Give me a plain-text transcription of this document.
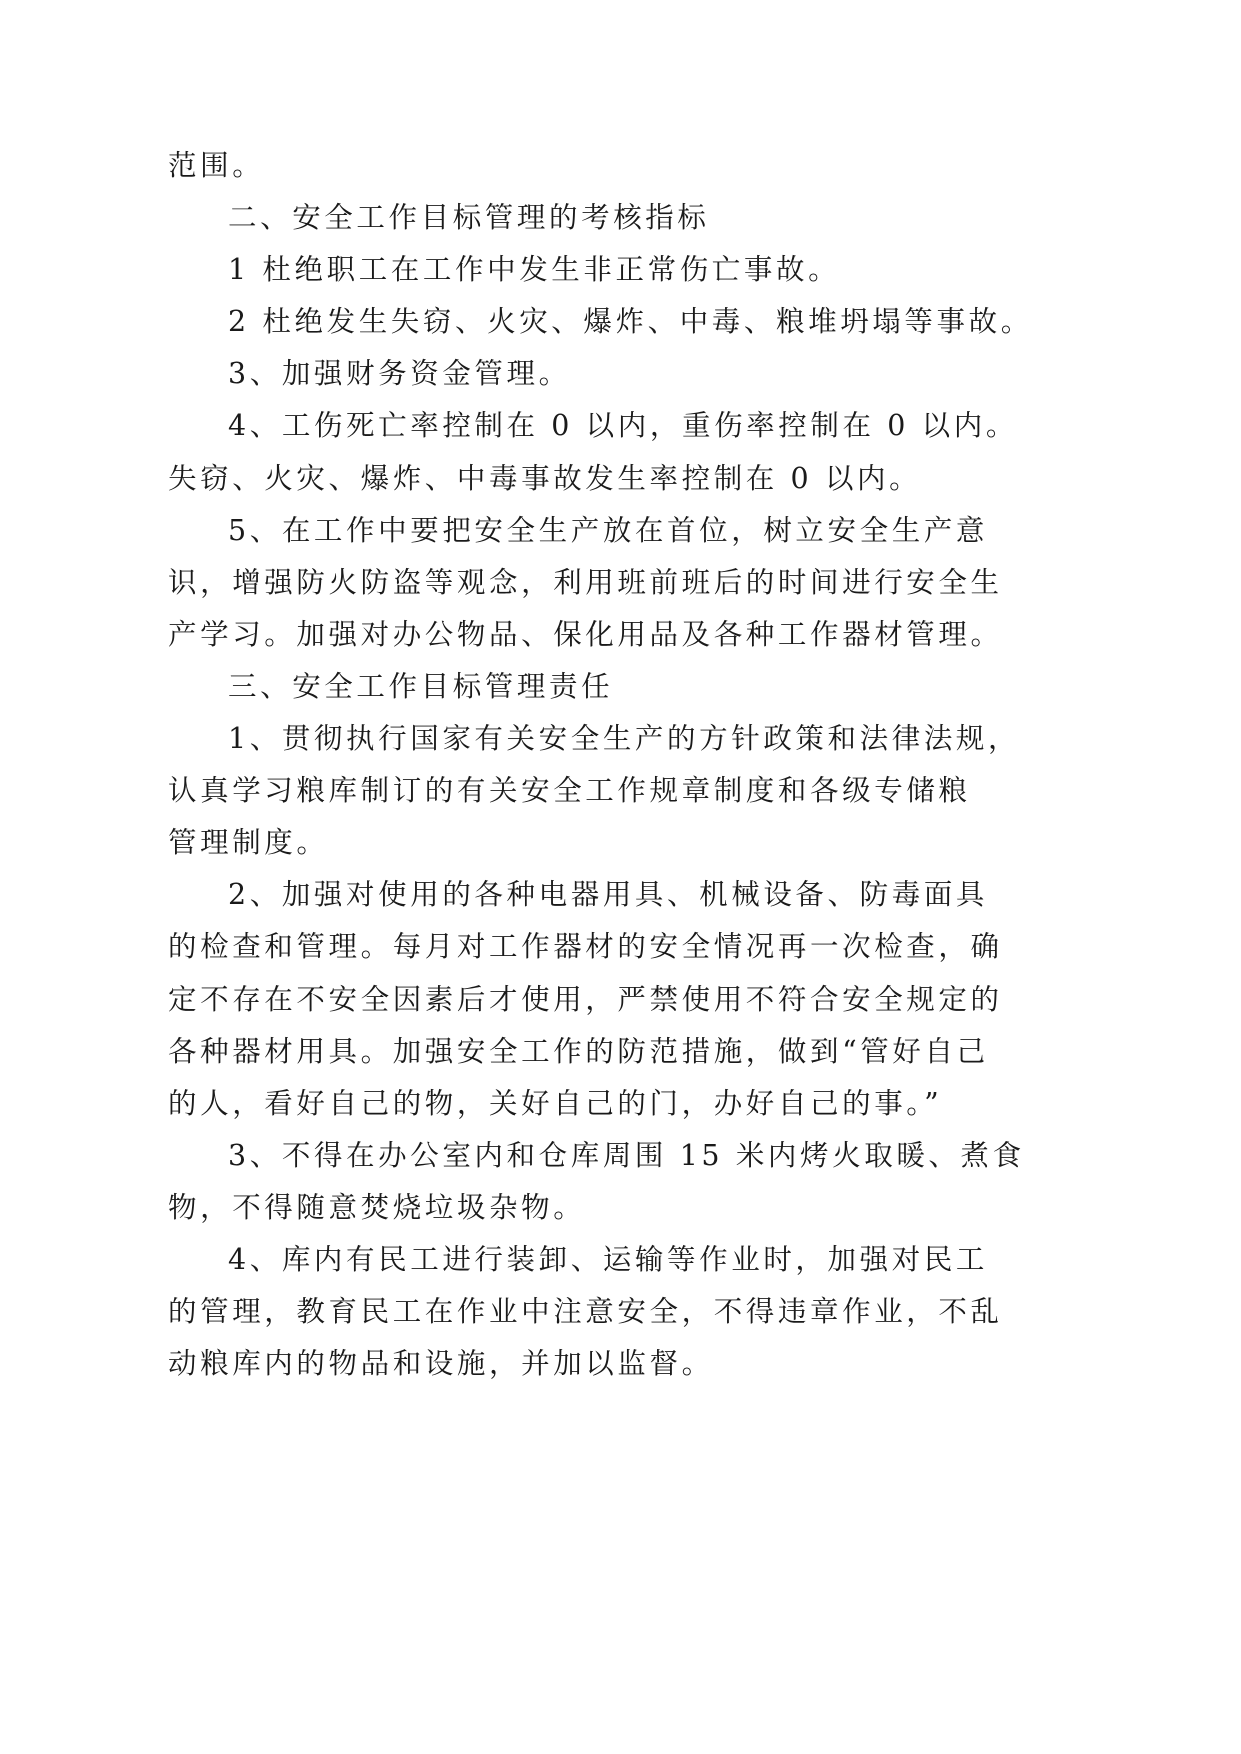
范围。
二、安全工作目标管理的考核指标
1 杜绝职工在工作中发生非正常伤亡事故。
2 杜绝发生失窃、火灾、爆炸、中毒、粮堆坍塌等事故。
3、加强财务资金管理。
4、工伤死亡率控制在 0 以内，重伤率控制在 0 以内。
失窃、火灾、爆炸、中毒事故发生率控制在 0 以内。
5、在工作中要把安全生产放在首位，树立安全生产意
识，增强防火防盗等观念，利用班前班后的时间进行安全生
产学习。加强对办公物品、保化用品及各种工作器材管理。
三、安全工作目标管理责任
1、贯彻执行国家有关安全生产的方针政策和法律法规，
认真学习粮库制订的有关安全工作规章制度和各级专储粮
管理制度。
2、加强对使用的各种电器用具、机械设备、防毒面具
的检查和管理。每月对工作器材的安全情况再一次检查，确
定不存在不安全因素后才使用，严禁使用不符合安全规定的
各种器材用具。加强安全工作的防范措施，做到“管好自己
的人，看好自己的物，关好自己的门，办好自己的事。”
3、不得在办公室内和仓库周围 15 米内烤火取暖、煮食
物，不得随意焚烧垃圾杂物。
4、库内有民工进行装卸、运输等作业时，加强对民工
的管理，教育民工在作业中注意安全，不得违章作业，不乱
动粮库内的物品和设施，并加以监督。
